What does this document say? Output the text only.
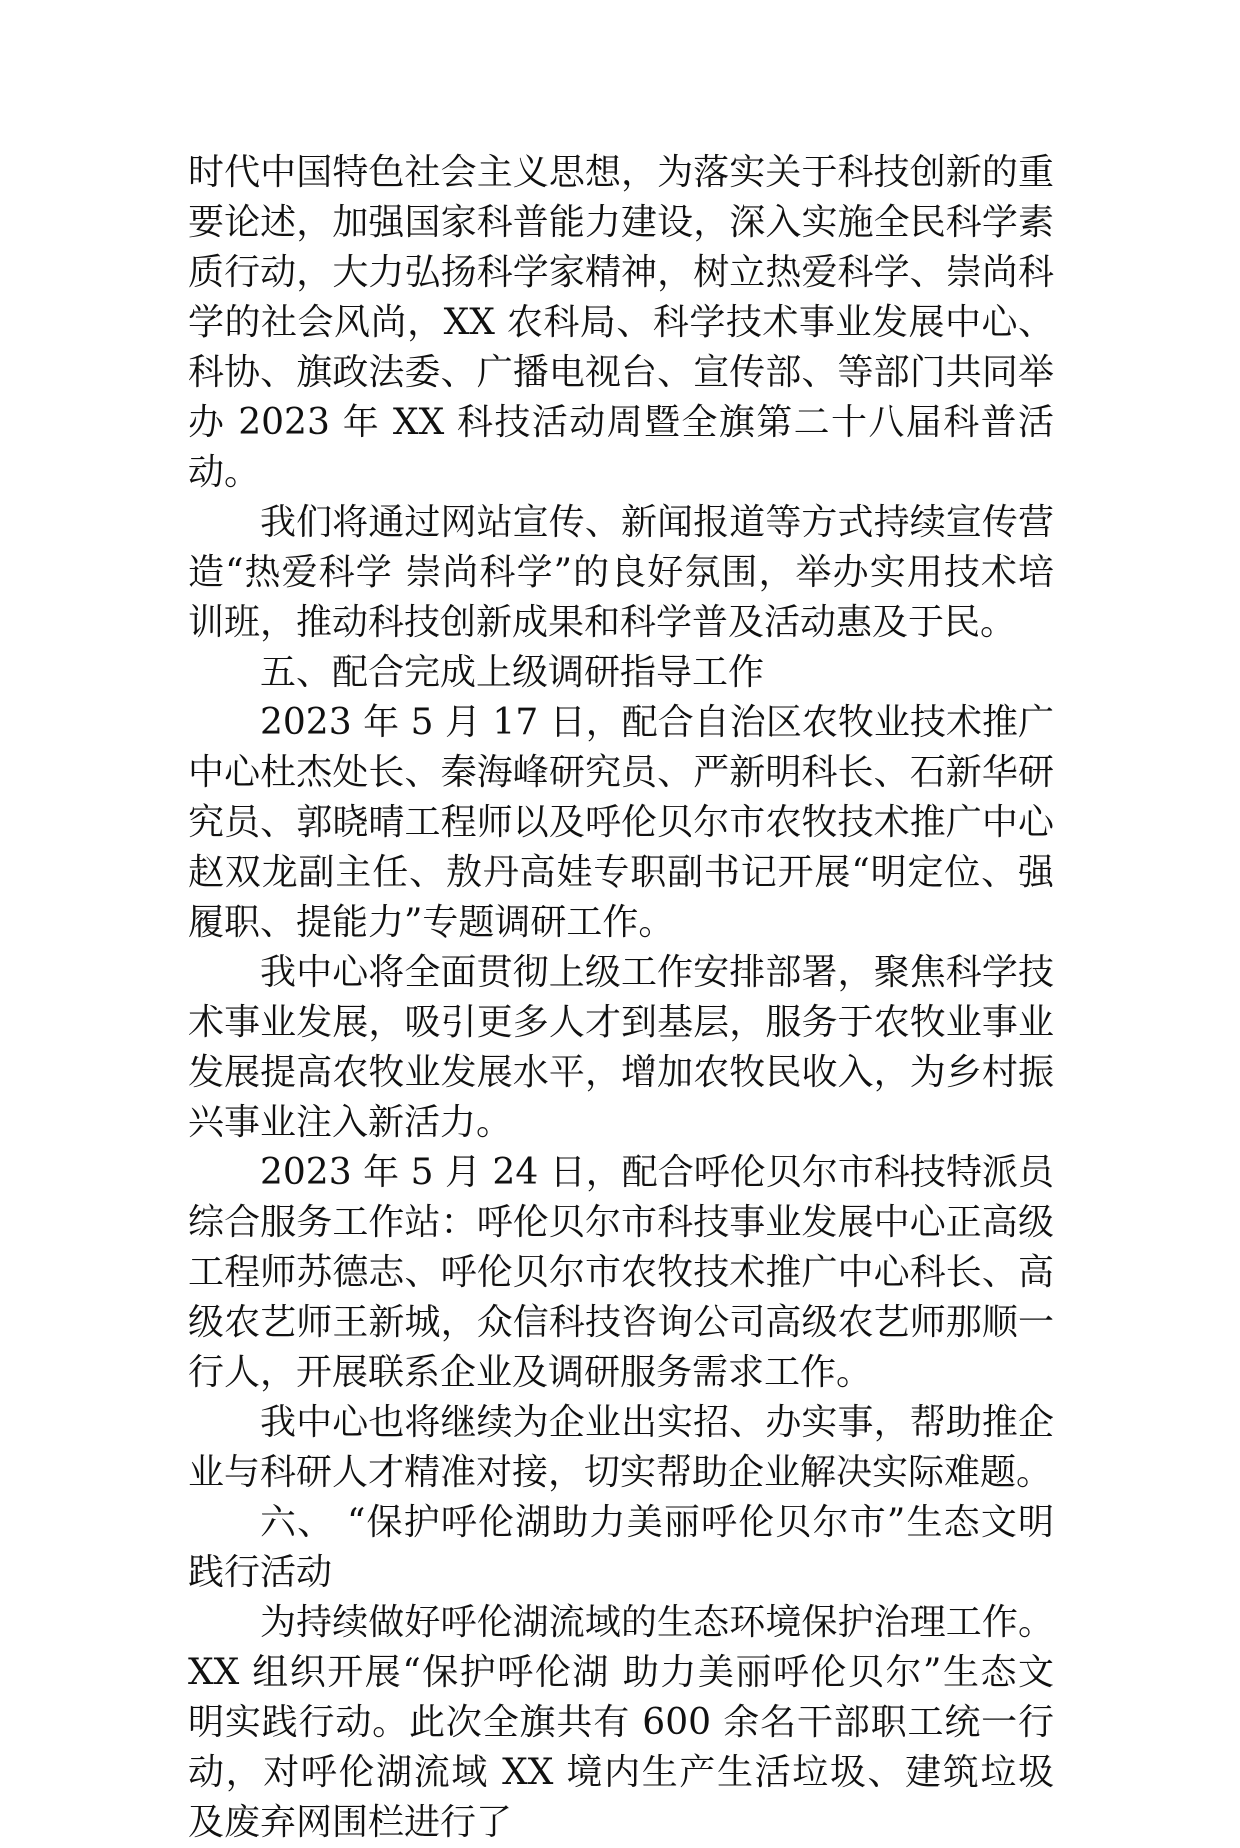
时代中国特色社会主义思想，为落实关于科技创新的重要论述，加强国家科普能力建设，深入实施全民科学素质行动，大力弘扬科学家精神，树立热爱科学、崇尚科学的社会风尚，XX 农科局、科学技术事业发展中心、科协、旗政法委、广播电视台、宣传部、等部门共同举办 2023 年 XX 科技活动周暨全旗第二十八届科普活动。

我们将通过网站宣传、新闻报道等方式持续宣传营造“热爱科学 崇尚科学”的良好氛围，举办实用技术培训班，推动科技创新成果和科学普及活动惠及于民。

五、配合完成上级调研指导工作

2023 年 5 月 17 日，配合自治区农牧业技术推广中心杜杰处长、秦海峰研究员、严新明科长、石新华研究员、郭晓晴工程师以及呼伦贝尔市农牧技术推广中心赵双龙副主任、敖丹高娃专职副书记开展“明定位、强履职、提能力”专题调研工作。

我中心将全面贯彻上级工作安排部署，聚焦科学技术事业发展，吸引更多人才到基层，服务于农牧业事业发展提高农牧业发展水平，增加农牧民收入，为乡村振兴事业注入新活力。

2023 年 5 月 24 日，配合呼伦贝尔市科技特派员综合服务工作站：呼伦贝尔市科技事业发展中心正高级工程师苏德志、呼伦贝尔市农牧技术推广中心科长、高级农艺师王新城，众信科技咨询公司高级农艺师那顺一行人，开展联系企业及调研服务需求工作。

我中心也将继续为企业出实招、办实事，帮助推企业与科研人才精准对接，切实帮助企业解决实际难题。

六、 “保护呼伦湖助力美丽呼伦贝尔市”生态文明践行活动

为持续做好呼伦湖流域的生态环境保护治理工作。XX 组织开展“保护呼伦湖 助力美丽呼伦贝尔”生态文明实践行动。此次全旗共有 600 余名干部职工统一行动，对呼伦湖流域 XX 境内生产生活垃圾、建筑垃圾及废弃网围栏进行了
